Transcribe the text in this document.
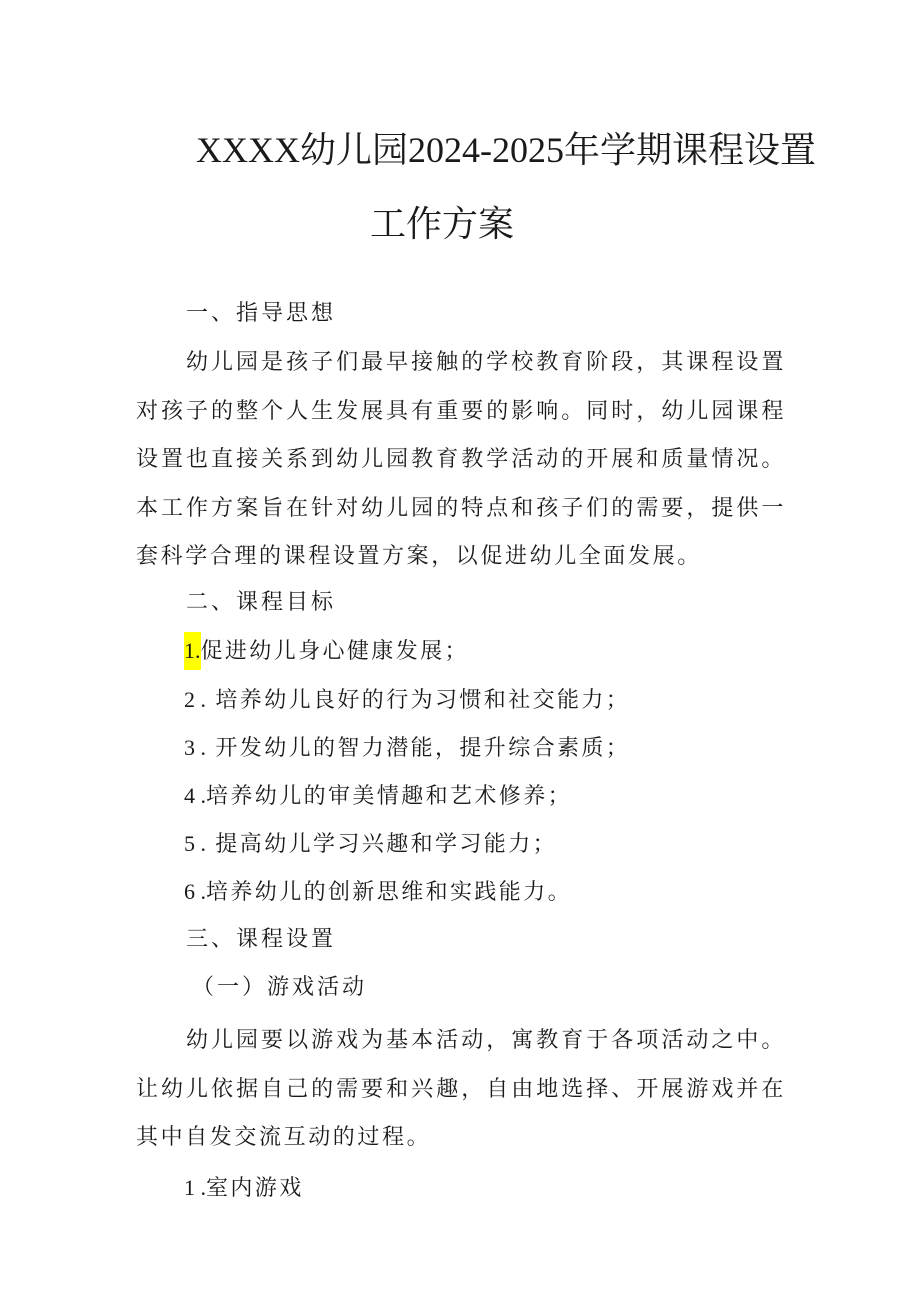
XXXX幼儿园2024-2025年学期课程设置
工作方案
一、指导思想
幼儿园是孩子们最早接触的学校教育阶段，其课程设置对孩子的整个人生发展具有重要的影响。同时，幼儿园课程设置也直接关系到幼儿园教育教学活动的开展和质量情况。本工作方案旨在针对幼儿园的特点和孩子们的需要，提供一套科学合理的课程设置方案，以促进幼儿全面发展。
二、课程目标
1.促进幼儿身心健康发展；
2 . 培养幼儿良好的行为习惯和社交能力；
3 . 开发幼儿的智力潜能，提升综合素质；
4 .培养幼儿的审美情趣和艺术修养；
5 . 提高幼儿学习兴趣和学习能力；
6 .培养幼儿的创新思维和实践能力。
三、课程设置
（一）游戏活动
幼儿园要以游戏为基本活动，寓教育于各项活动之中。让幼儿依据自己的需要和兴趣，自由地选择、开展游戏并在其中自发交流互动的过程。
1 .室内游戏
